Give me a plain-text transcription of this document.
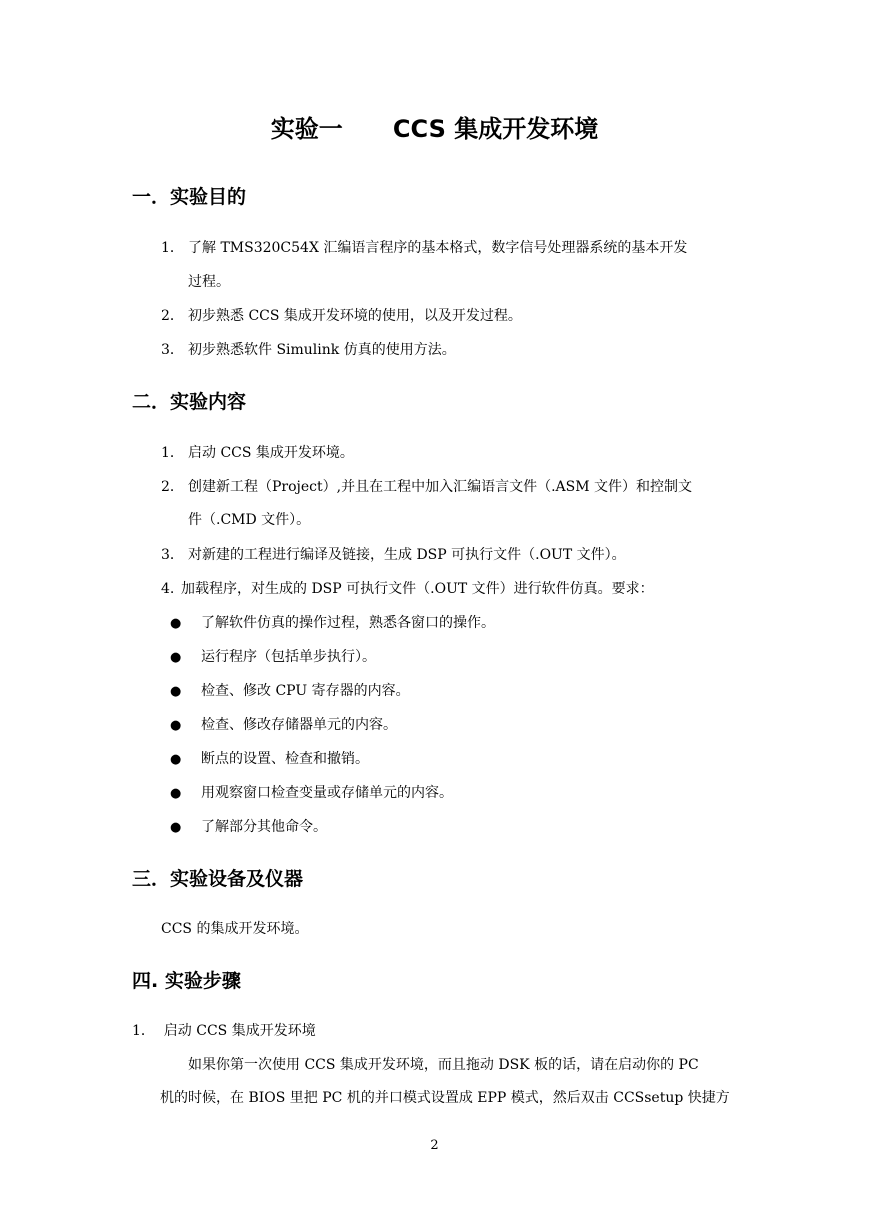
实验一      CCS 集成开发环境
一．实验目的
1． 了解 TMS320C54X 汇编语言程序的基本格式，数字信号处理器系统的基本开发
过程。
2． 初步熟悉 CCS 集成开发环境的使用，以及开发过程。
3． 初步熟悉软件 Simulink 仿真的使用方法。
二．实验内容
1． 启动 CCS 集成开发环境。
2． 创建新工程（Project）,并且在工程中加入汇编语言文件（.ASM 文件）和控制文
件（.CMD 文件）。
3． 对新建的工程进行编译及链接，生成 DSP 可执行文件（.OUT 文件）。
4. 加载程序，对生成的 DSP 可执行文件（.OUT 文件）进行软件仿真。要求：
● 了解软件仿真的操作过程，熟悉各窗口的操作。
● 运行程序（包括单步执行）。
● 检查、修改 CPU 寄存器的内容。
● 检查、修改存储器单元的内容。
● 断点的设置、检查和撤销。
● 用观察窗口检查变量或存储单元的内容。
● 了解部分其他命令。
三．实验设备及仪器
CCS 的集成开发环境。
四. 实验步骤
1．  启动 CCS 集成开发环境
如果你第一次使用 CCS 集成开发环境，而且拖动 DSK 板的话，请在启动你的 PC
机的时候，在 BIOS 里把 PC 机的并口模式设置成 EPP 模式，然后双击 CCSsetup 快捷方
2
